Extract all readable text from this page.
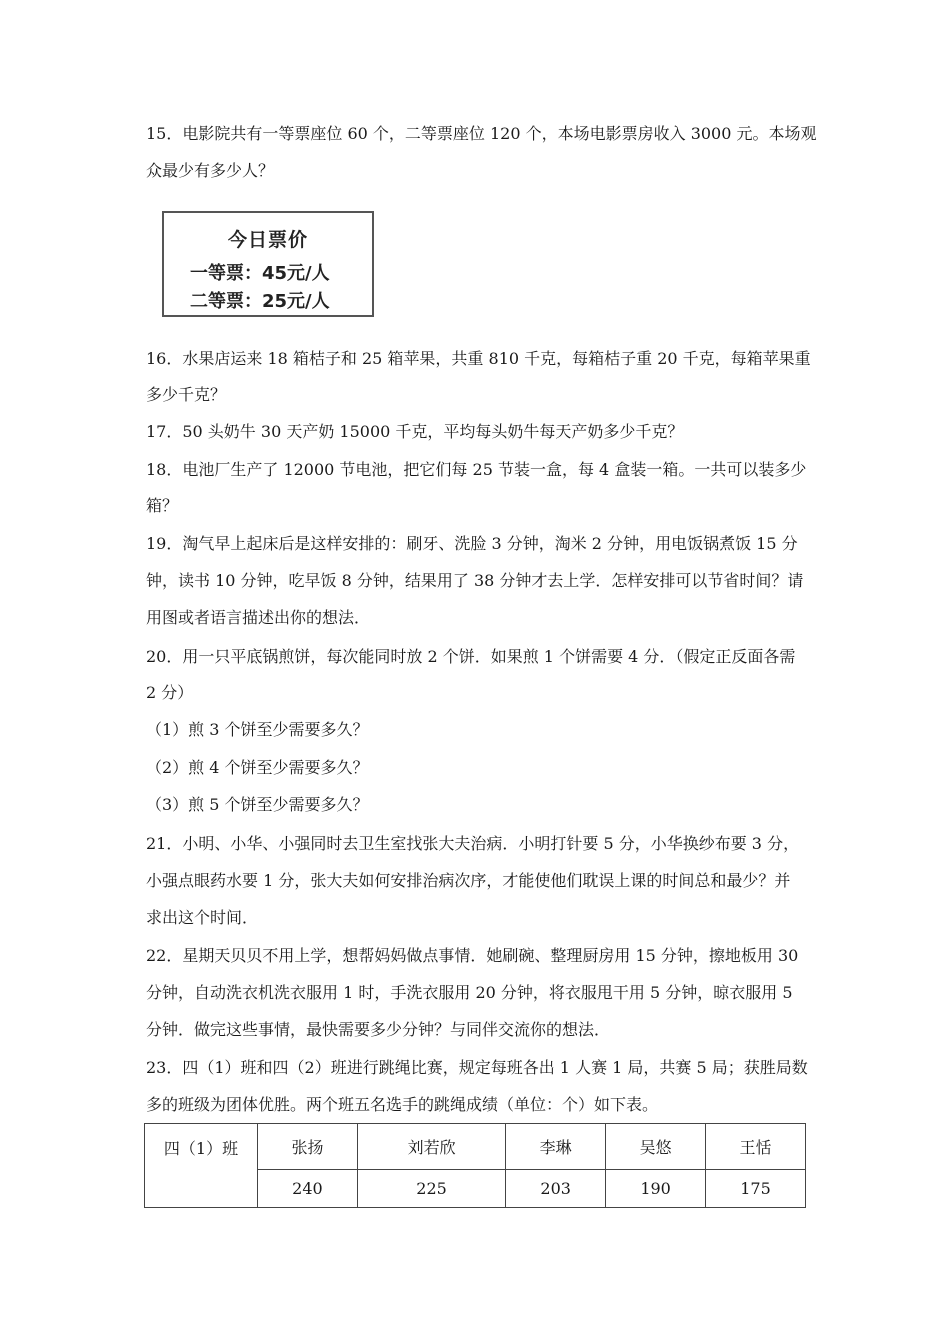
15．电影院共有一等票座位 60 个，二等票座位 120 个，本场电影票房收入 3000 元。本场观
众最少有多少人？
今日票价
一等票：45元/人
二等票：25元/人
16．水果店运来 18 箱桔子和 25 箱苹果，共重 810 千克，每箱桔子重 20 千克，每箱苹果重
多少千克？
17．50 头奶牛 30 天产奶 15000 千克，平均每头奶牛每天产奶多少千克？
18．电池厂生产了 12000 节电池，把它们每 25 节装一盒，每 4 盒装一箱。一共可以装多少
箱？
19．淘气早上起床后是这样安排的：刷牙、洗脸 3 分钟，淘米 2 分钟，用电饭锅煮饭 15 分
钟，读书 10 分钟，吃早饭 8 分钟，结果用了 38 分钟才去上学．怎样安排可以节省时间？请
用图或者语言描述出你的想法．
20．用一只平底锅煎饼，每次能同时放 2 个饼．如果煎 1 个饼需要 4 分．（假定正反面各需
2 分）
（1）煎 3 个饼至少需要多久？
（2）煎 4 个饼至少需要多久？
（3）煎 5 个饼至少需要多久？
21．小明、小华、小强同时去卫生室找张大夫治病．小明打针要 5 分，小华换纱布要 3 分，
小强点眼药水要 1 分，张大夫如何安排治病次序，才能使他们耽误上课的时间总和最少？并
求出这个时间．
22．星期天贝贝不用上学，想帮妈妈做点事情．她刷碗、整理厨房用 15 分钟，擦地板用 30
分钟，自动洗衣机洗衣服用 1 时，手洗衣服用 20 分钟，将衣服甩干用 5 分钟，晾衣服用 5
分钟．做完这些事情，最快需要多少分钟？与同伴交流你的想法．
23．四（1）班和四（2）班进行跳绳比赛，规定每班各出 1 人赛 1 局，共赛 5 局；获胜局数
多的班级为团体优胜。两个班五名选手的跳绳成绩（单位：个）如下表。
四（1）班	张扬	刘若欣	李琳	吴悠	王恬
	240	225	203	190	175
